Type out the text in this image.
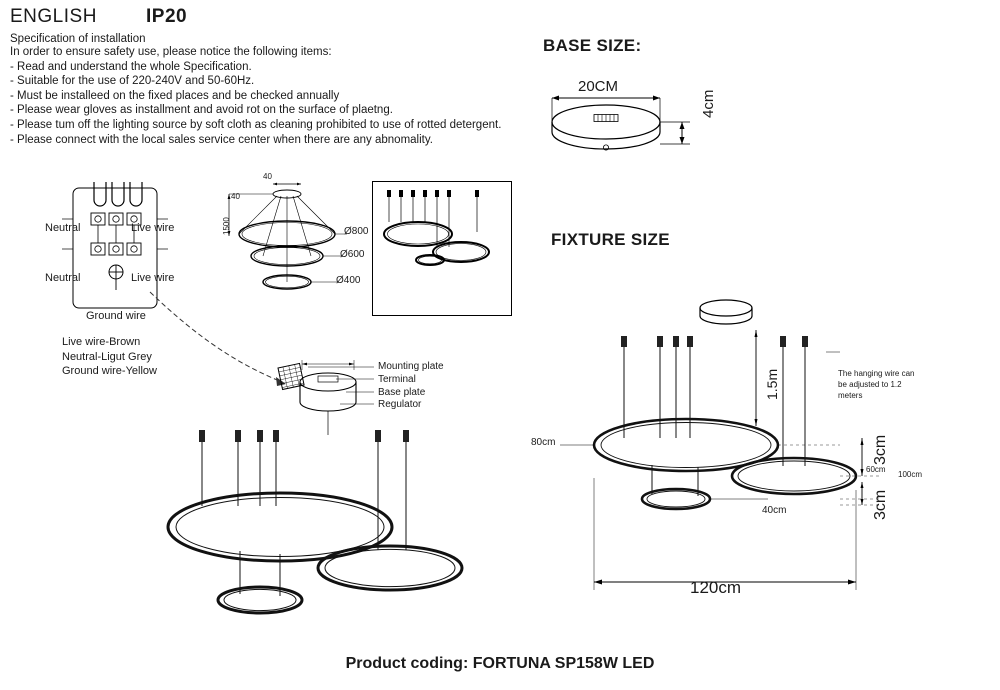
ENGLISH	IP20
Specification of installation
In order to ensure safety use, please notice the following items:
- Read and understand the whole Specification.
- Suitable for the use of 220-240V and 50-60Hz.
- Must be installeed on the fixed places and be checked annually
- Please wear gloves as installment and avoid rot on the surface of plaetng.
- Please tum off the lighting source by soft cloth as cleaning prohibited to use of rotted detergent.
- Please connect with the local sales service center when there are any abnomality.
BASE SIZE:
20CM
4cm
Neutral	Live wire
Neutral	Live wire
Ground wire
Live wire-Brown
Neutral-Ligut Grey
Ground wire-Yellow
40
40
1500	Ø800
Ø600
Ø400
Mounting plate
Terminal
Base plate
Regulator
FIXTURE SIZE
1.5m
80cm
40cm
3cm
3cm
60cm
100cm
120cm
The hanging wire can be adjusted to 1.2 meters
Product coding: FORTUNA SP158W LED
